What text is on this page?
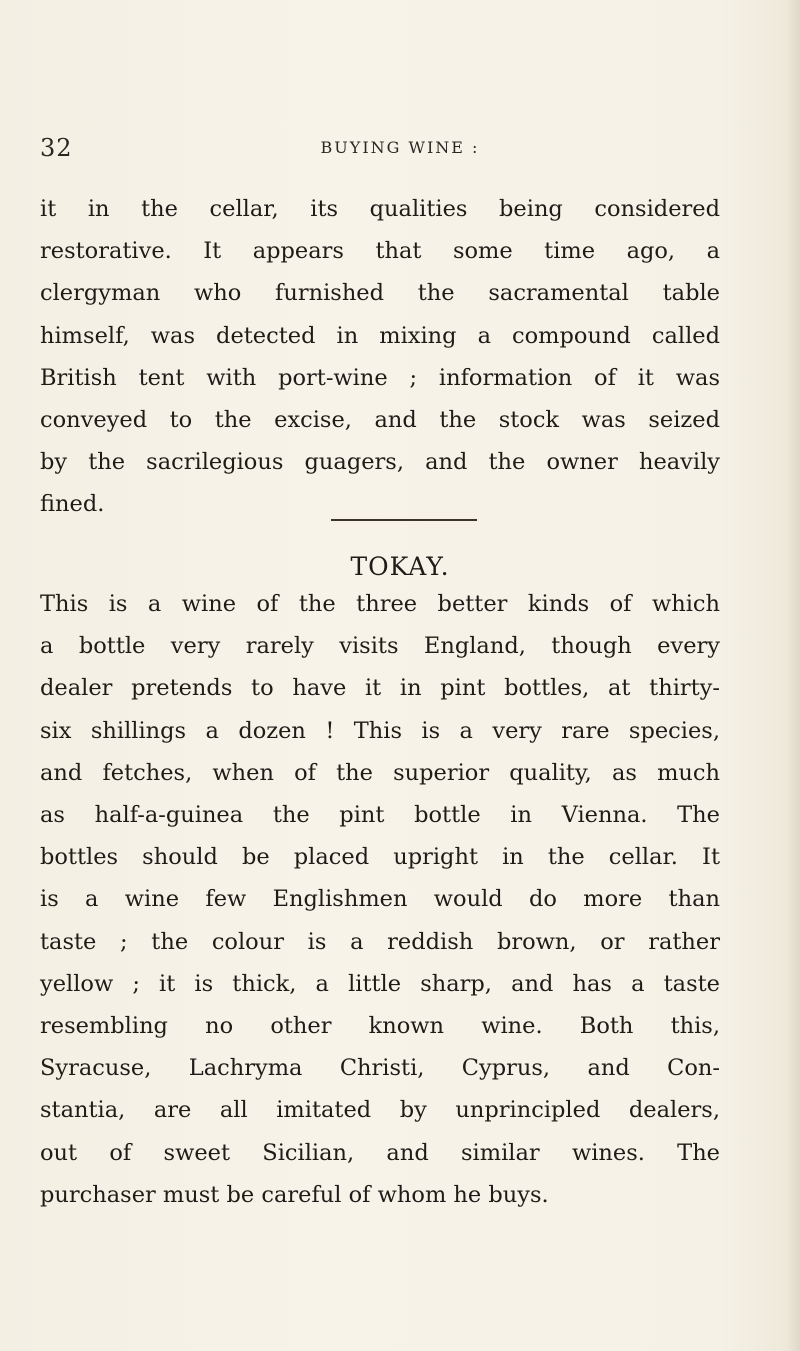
32	BUYING WINE :
it in the cellar, its qualities being considered
restorative. It appears that some time ago, a
clergyman who furnished the sacramental table
himself, was detected in mixing a compound called
British tent with port-wine ; information of it was
conveyed to the excise, and the stock was seized
by the sacrilegious guagers, and the owner heavily
fined.
TOKAY.
This is a wine of the three better kinds of which
a bottle very rarely visits England, though every
dealer pretends to have it in pint bottles, at thirty-
six shillings a dozen ! This is a very rare species,
and fetches, when of the superior quality, as much
as half-a-guinea the pint bottle in Vienna. The
bottles should be placed upright in the cellar. It
is a wine few Englishmen would do more than
taste ; the colour is a reddish brown, or rather
yellow ; it is thick, a little sharp, and has a taste
resembling no other known wine. Both this,
Syracuse, Lachryma Christi, Cyprus, and Con-
stantia, are all imitated by unprincipled dealers,
out of sweet Sicilian, and similar wines. The
purchaser must be careful of whom he buys.
